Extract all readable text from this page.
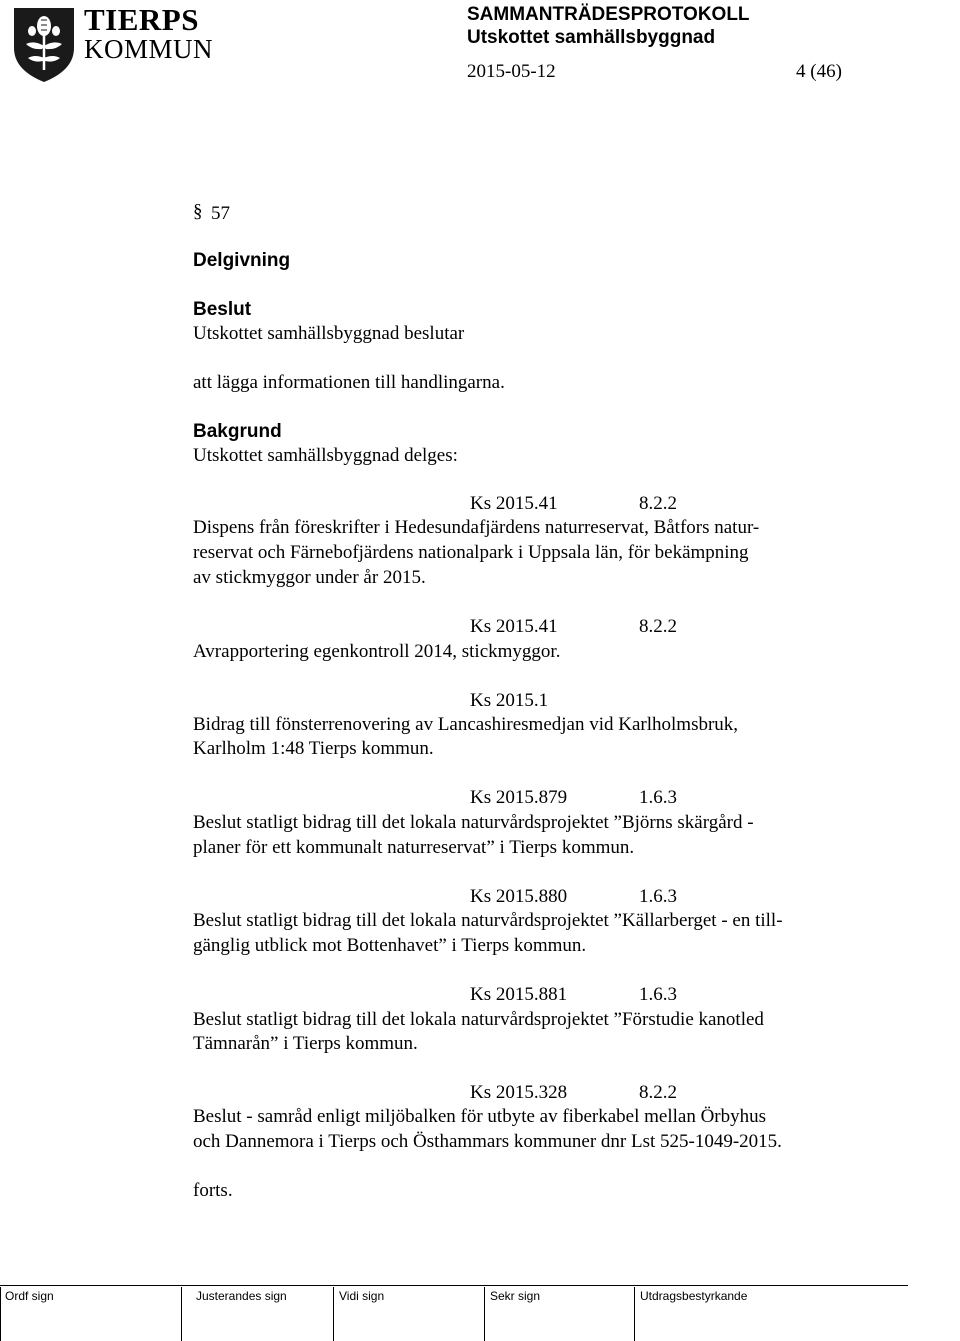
TIERPS
KOMMUN
SAMMANTRÄDESPROTOKOLL
Utskottet samhällsbyggnad
2015-05-12	4 (46)
§ 57
Delgivning
Beslut
Utskottet samhällsbyggnad beslutar
att lägga informationen till handlingarna.
Bakgrund
Utskottet samhällsbyggnad delges:
Ks 2015.41	8.2.2
Dispens från föreskrifter i Hedesundafjärdens naturreservat, Båtfors natur-
reservat och Färnebofjärdens nationalpark i Uppsala län, för bekämpning
av stickmyggor under år 2015.
Ks 2015.41	8.2.2
Avrapportering egenkontroll 2014, stickmyggor.
Ks 2015.1
Bidrag till fönsterrenovering av Lancashiresmedjan vid Karlholmsbruk,
Karlholm 1:48 Tierps kommun.
Ks 2015.879	1.6.3
Beslut statligt bidrag till det lokala naturvårdsprojektet ”Björns skärgård -
planer för ett kommunalt naturreservat” i Tierps kommun.
Ks 2015.880	1.6.3
Beslut statligt bidrag till det lokala naturvårdsprojektet ”Källarberget - en till-
gänglig utblick mot Bottenhavet” i Tierps kommun.
Ks 2015.881	1.6.3
Beslut statligt bidrag till det lokala naturvårdsprojektet ”Förstudie kanotled
Tämnarån” i Tierps kommun.
Ks 2015.328	8.2.2
Beslut - samråd enligt miljöbalken för utbyte av fiberkabel mellan Örbyhus
och Dannemora i Tierps och Östhammars kommuner dnr Lst 525-1049-2015.
forts.
Ordf sign	Justerandes sign	Vidi sign	Sekr sign	Utdragsbestyrkande
